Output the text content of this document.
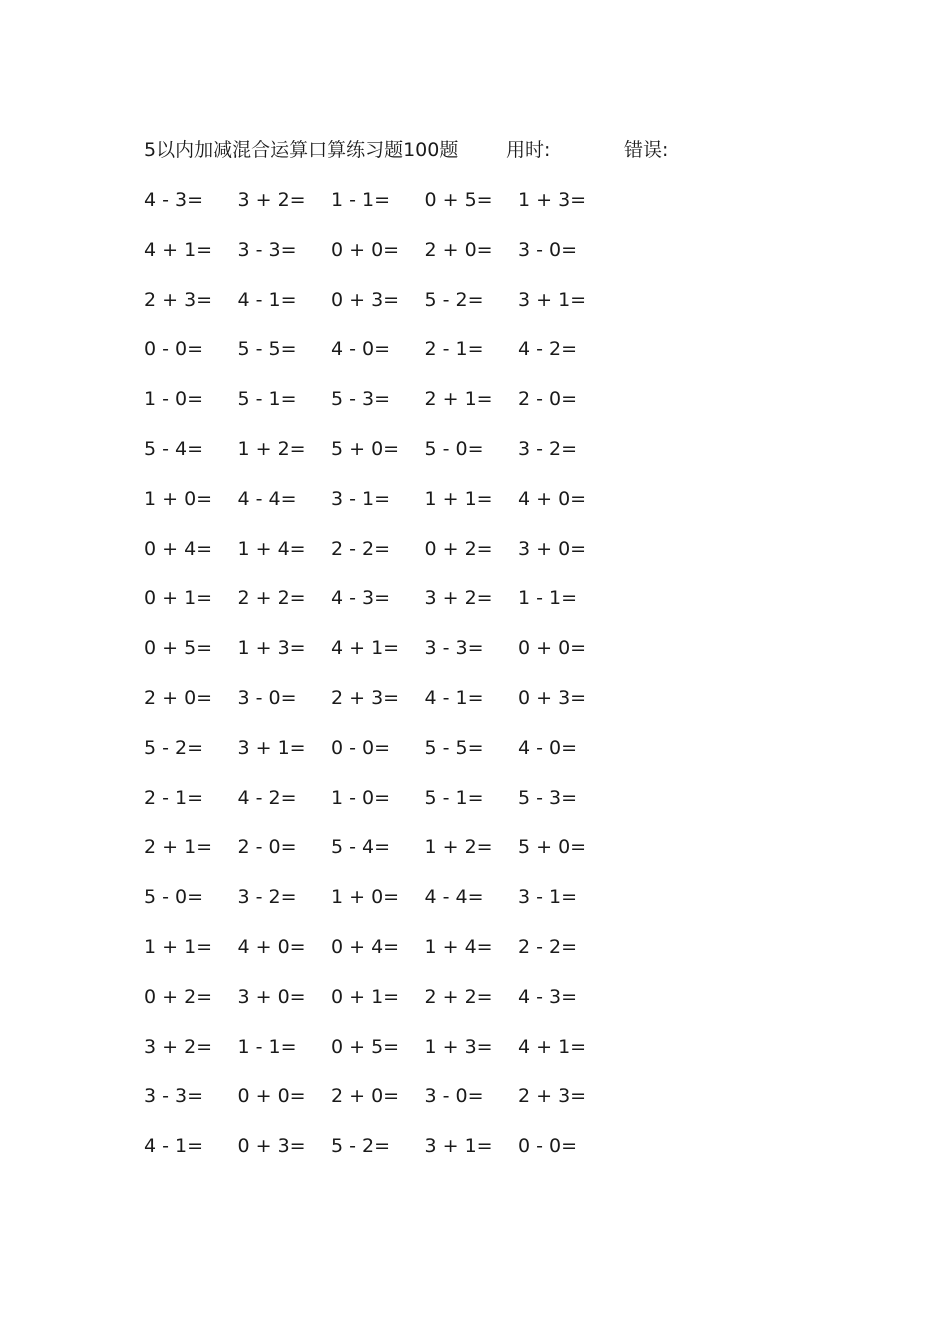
5以内加减混合运算口算练习题100题	用时:	错误:
4 - 3=	3 + 2=	1 - 1=	0 + 5=	1 + 3=
4 + 1=	3 - 3=	0 + 0=	2 + 0=	3 - 0=
2 + 3=	4 - 1=	0 + 3=	5 - 2=	3 + 1=
0 - 0=	5 - 5=	4 - 0=	2 - 1=	4 - 2=
1 - 0=	5 - 1=	5 - 3=	2 + 1=	2 - 0=
5 - 4=	1 + 2=	5 + 0=	5 - 0=	3 - 2=
1 + 0=	4 - 4=	3 - 1=	1 + 1=	4 + 0=
0 + 4=	1 + 4=	2 - 2=	0 + 2=	3 + 0=
0 + 1=	2 + 2=	4 - 3=	3 + 2=	1 - 1=
0 + 5=	1 + 3=	4 + 1=	3 - 3=	0 + 0=
2 + 0=	3 - 0=	2 + 3=	4 - 1=	0 + 3=
5 - 2=	3 + 1=	0 - 0=	5 - 5=	4 - 0=
2 - 1=	4 - 2=	1 - 0=	5 - 1=	5 - 3=
2 + 1=	2 - 0=	5 - 4=	1 + 2=	5 + 0=
5 - 0=	3 - 2=	1 + 0=	4 - 4=	3 - 1=
1 + 1=	4 + 0=	0 + 4=	1 + 4=	2 - 2=
0 + 2=	3 + 0=	0 + 1=	2 + 2=	4 - 3=
3 + 2=	1 - 1=	0 + 5=	1 + 3=	4 + 1=
3 - 3=	0 + 0=	2 + 0=	3 - 0=	2 + 3=
4 - 1=	0 + 3=	5 - 2=	3 + 1=	0 - 0=
